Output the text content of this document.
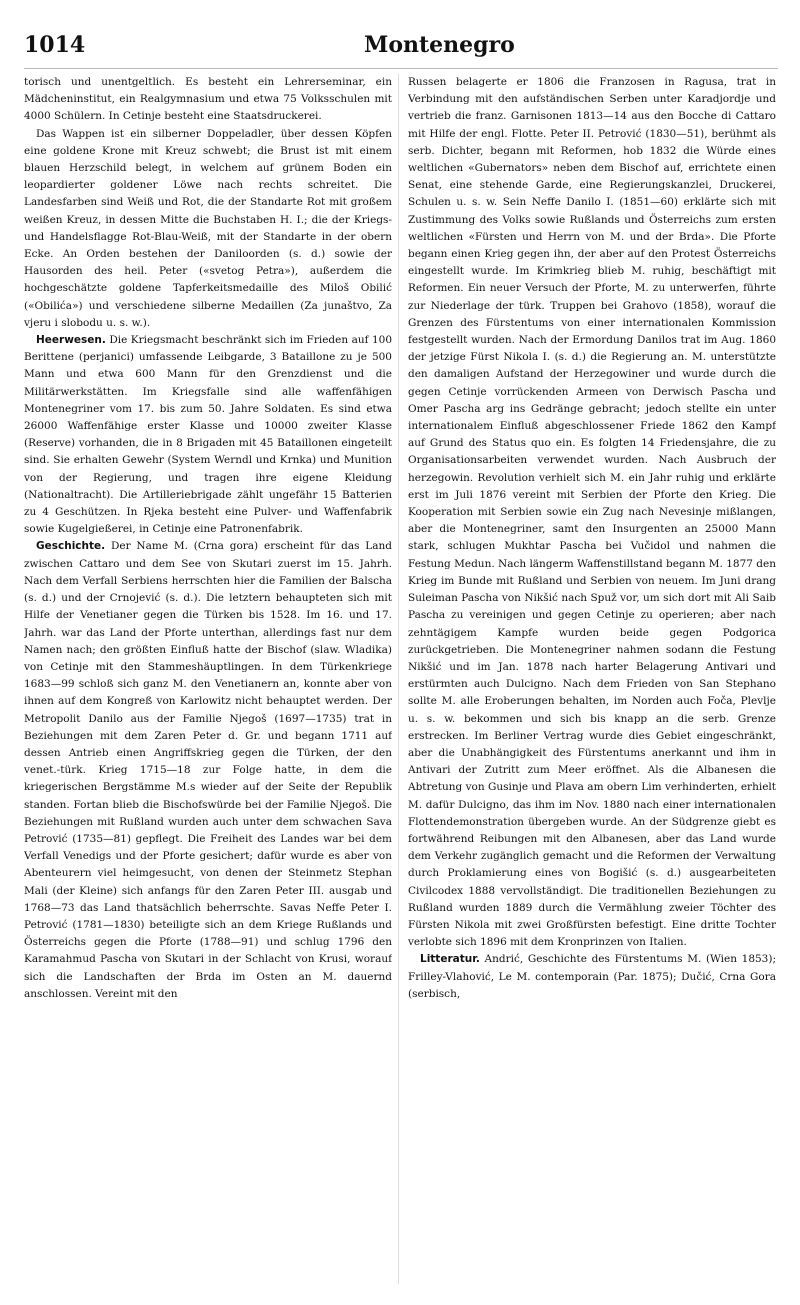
1014	Montenegro

torisch und unentgeltlich. Es besteht ein Lehrerseminar, ein Mädcheninstitut, ein Realgymnasium und etwa 75 Volksschulen mit 4000 Schülern. In Cetinje besteht eine Staatsdruckerei.

Das Wappen ist ein silberner Doppeladler, über dessen Köpfen eine goldene Krone mit Kreuz schwebt; die Brust ist mit einem blauen Herzschild belegt, in welchem auf grünem Boden ein leopardierter goldener Löwe nach rechts schreitet. Die Landesfarben sind Weiß und Rot, die der Standarte Rot mit großem weißen Kreuz, in dessen Mitte die Buchstaben H. I.; die der Kriegs- und Handelsflagge Rot-Blau-Weiß, mit der Standarte in der obern Ecke. An Orden bestehen der Daniloorden (s. d.) sowie der Hausorden des heil. Peter («svetog Petra»), außerdem die hochgeschätzte goldene Tapferkeitsmedaille des Miloš Obilić («Obilića») und verschiedene silberne Medaillen (Za junaštvo, Za vjeru i slobodu u. s. w.).

Heerwesen. Die Kriegsmacht beschränkt sich im Frieden auf 100 Berittene (perjanici) umfassende Leibgarde, 3 Bataillone zu je 500 Mann und etwa 600 Mann für den Grenzdienst und die Militärwerkstätten. Im Kriegsfalle sind alle waffenfähigen Montenegriner vom 17. bis zum 50. Jahre Soldaten. Es sind etwa 26000 Waffenfähige erster Klasse und 10000 zweiter Klasse (Reserve) vorhanden, die in 8 Brigaden mit 45 Bataillonen eingeteilt sind. Sie erhalten Gewehr (System Werndl und Krnka) und Munition von der Regierung, und tragen ihre eigene Kleidung (Nationaltracht). Die Artilleriebrigade zählt ungefähr 15 Batterien zu 4 Geschützen. In Rjeka besteht eine Pulver- und Waffenfabrik sowie Kugelgießerei, in Cetinje eine Patronenfabrik.

Geschichte. Der Name M. (Crna gora) erscheint für das Land zwischen Cattaro und dem See von Skutari zuerst im 15. Jahrh. Nach dem Verfall Serbiens herrschten hier die Familien der Balscha (s. d.) und der Crnojević (s. d.). Die letztern behaupteten sich mit Hilfe der Venetianer gegen die Türken bis 1528. Im 16. und 17. Jahrh. war das Land der Pforte unterthan, allerdings fast nur dem Namen nach; den größten Einfluß hatte der Bischof (slaw. Wladika) von Cetinje mit den Stammeshäuptlingen. In dem Türkenkriege 1683—99 schloß sich ganz M. den Venetianern an, konnte aber von ihnen auf dem Kongreß von Karlowitz nicht behauptet werden. Der Metropolit Danilo aus der Familie Njegoš (1697—1735) trat in Beziehungen mit dem Zaren Peter d. Gr. und begann 1711 auf dessen Antrieb einen Angriffskrieg gegen die Türken, der den venet.-türk. Krieg 1715—18 zur Folge hatte, in dem die kriegerischen Bergstämme M.s wieder auf der Seite der Republik standen. Fortan blieb die Bischofswürde bei der Familie Njegoš. Die Beziehungen mit Rußland wurden auch unter dem schwachen Sava Petrović (1735—81) gepflegt. Die Freiheit des Landes war bei dem Verfall Venedigs und der Pforte gesichert; dafür wurde es aber von Abenteurern viel heimgesucht, von denen der Steinmetz Stephan Mali (der Kleine) sich anfangs für den Zaren Peter III. ausgab und 1768—73 das Land thatsächlich beherrschte. Savas Neffe Peter I. Petrović (1781—1830) beteiligte sich an dem Kriege Rußlands und Österreichs gegen die Pforte (1788—91) und schlug 1796 den Karamahmud Pascha von Skutari in der Schlacht von Krusi, worauf sich die Landschaften der Brda im Osten an M. dauernd anschlossen. Vereint mit den

Russen belagerte er 1806 die Franzosen in Ragusa, trat in Verbindung mit den aufständischen Serben unter Karadjordje und vertrieb die franz. Garnisonen 1813—14 aus den Bocche di Cattaro mit Hilfe der engl. Flotte. Peter II. Petrović (1830—51), berühmt als serb. Dichter, begann mit Reformen, hob 1832 die Würde eines weltlichen «Gubernators» neben dem Bischof auf, errichtete einen Senat, eine stehende Garde, eine Regierungskanzlei, Druckerei, Schulen u. s. w. Sein Neffe Danilo I. (1851—60) erklärte sich mit Zustimmung des Volks sowie Rußlands und Österreichs zum ersten weltlichen «Fürsten und Herrn von M. und der Brda». Die Pforte begann einen Krieg gegen ihn, der aber auf den Protest Österreichs eingestellt wurde. Im Krimkrieg blieb M. ruhig, beschäftigt mit Reformen. Ein neuer Versuch der Pforte, M. zu unterwerfen, führte zur Niederlage der türk. Truppen bei Grahovo (1858), worauf die Grenzen des Fürstentums von einer internationalen Kommission festgestellt wurden. Nach der Ermordung Danilos trat im Aug. 1860 der jetzige Fürst Nikola I. (s. d.) die Regierung an. M. unterstützte den damaligen Aufstand der Herzegowiner und wurde durch die gegen Cetinje vorrückenden Armeen von Derwisch Pascha und Omer Pascha arg ins Gedränge gebracht; jedoch stellte ein unter internationalem Einfluß abgeschlossener Friede 1862 den Kampf auf Grund des Status quo ein. Es folgten 14 Friedensjahre, die zu Organisationsarbeiten verwendet wurden. Nach Ausbruch der herzegowin. Revolution verhielt sich M. ein Jahr ruhig und erklärte erst im Juli 1876 vereint mit Serbien der Pforte den Krieg. Die Kooperation mit Serbien sowie ein Zug nach Nevesinje mißlangen, aber die Montenegriner, samt den Insurgenten an 25000 Mann stark, schlugen Mukhtar Pascha bei Vučidol und nahmen die Festung Medun. Nach längerm Waffenstillstand begann M. 1877 den Krieg im Bunde mit Rußland und Serbien von neuem. Im Juni drang Suleiman Pascha von Nikšić nach Spuž vor, um sich dort mit Ali Saib Pascha zu vereinigen und gegen Cetinje zu operieren; aber nach zehntägigem Kampfe wurden beide gegen Podgorica zurückgetrieben. Die Montenegriner nahmen sodann die Festung Nikšić und im Jan. 1878 nach harter Belagerung Antivari und erstürmten auch Dulcigno. Nach dem Frieden von San Stephano sollte M. alle Eroberungen behalten, im Norden auch Foča, Plevlje u. s. w. bekommen und sich bis knapp an die serb. Grenze erstrecken. Im Berliner Vertrag wurde dies Gebiet eingeschränkt, aber die Unabhängigkeit des Fürstentums anerkannt und ihm in Antivari der Zutritt zum Meer eröffnet. Als die Albanesen die Abtretung von Gusinje und Plava am obern Lim verhinderten, erhielt M. dafür Dulcigno, das ihm im Nov. 1880 nach einer internationalen Flottendemonstration übergeben wurde. An der Südgrenze giebt es fortwährend Reibungen mit den Albanesen, aber das Land wurde dem Verkehr zugänglich gemacht und die Reformen der Verwaltung durch Proklamierung eines von Bogišić (s. d.) ausgearbeiteten Civilcodex 1888 vervollständigt. Die traditionellen Beziehungen zu Rußland wurden 1889 durch die Vermählung zweier Töchter des Fürsten Nikola mit zwei Großfürsten befestigt. Eine dritte Tochter verlobte sich 1896 mit dem Kronprinzen von Italien.

Litteratur. Andrić, Geschichte des Fürstentums M. (Wien 1853); Frilley-Vlahović, Le M. contemporain (Par. 1875); Dučić, Crna Gora (serbisch,
